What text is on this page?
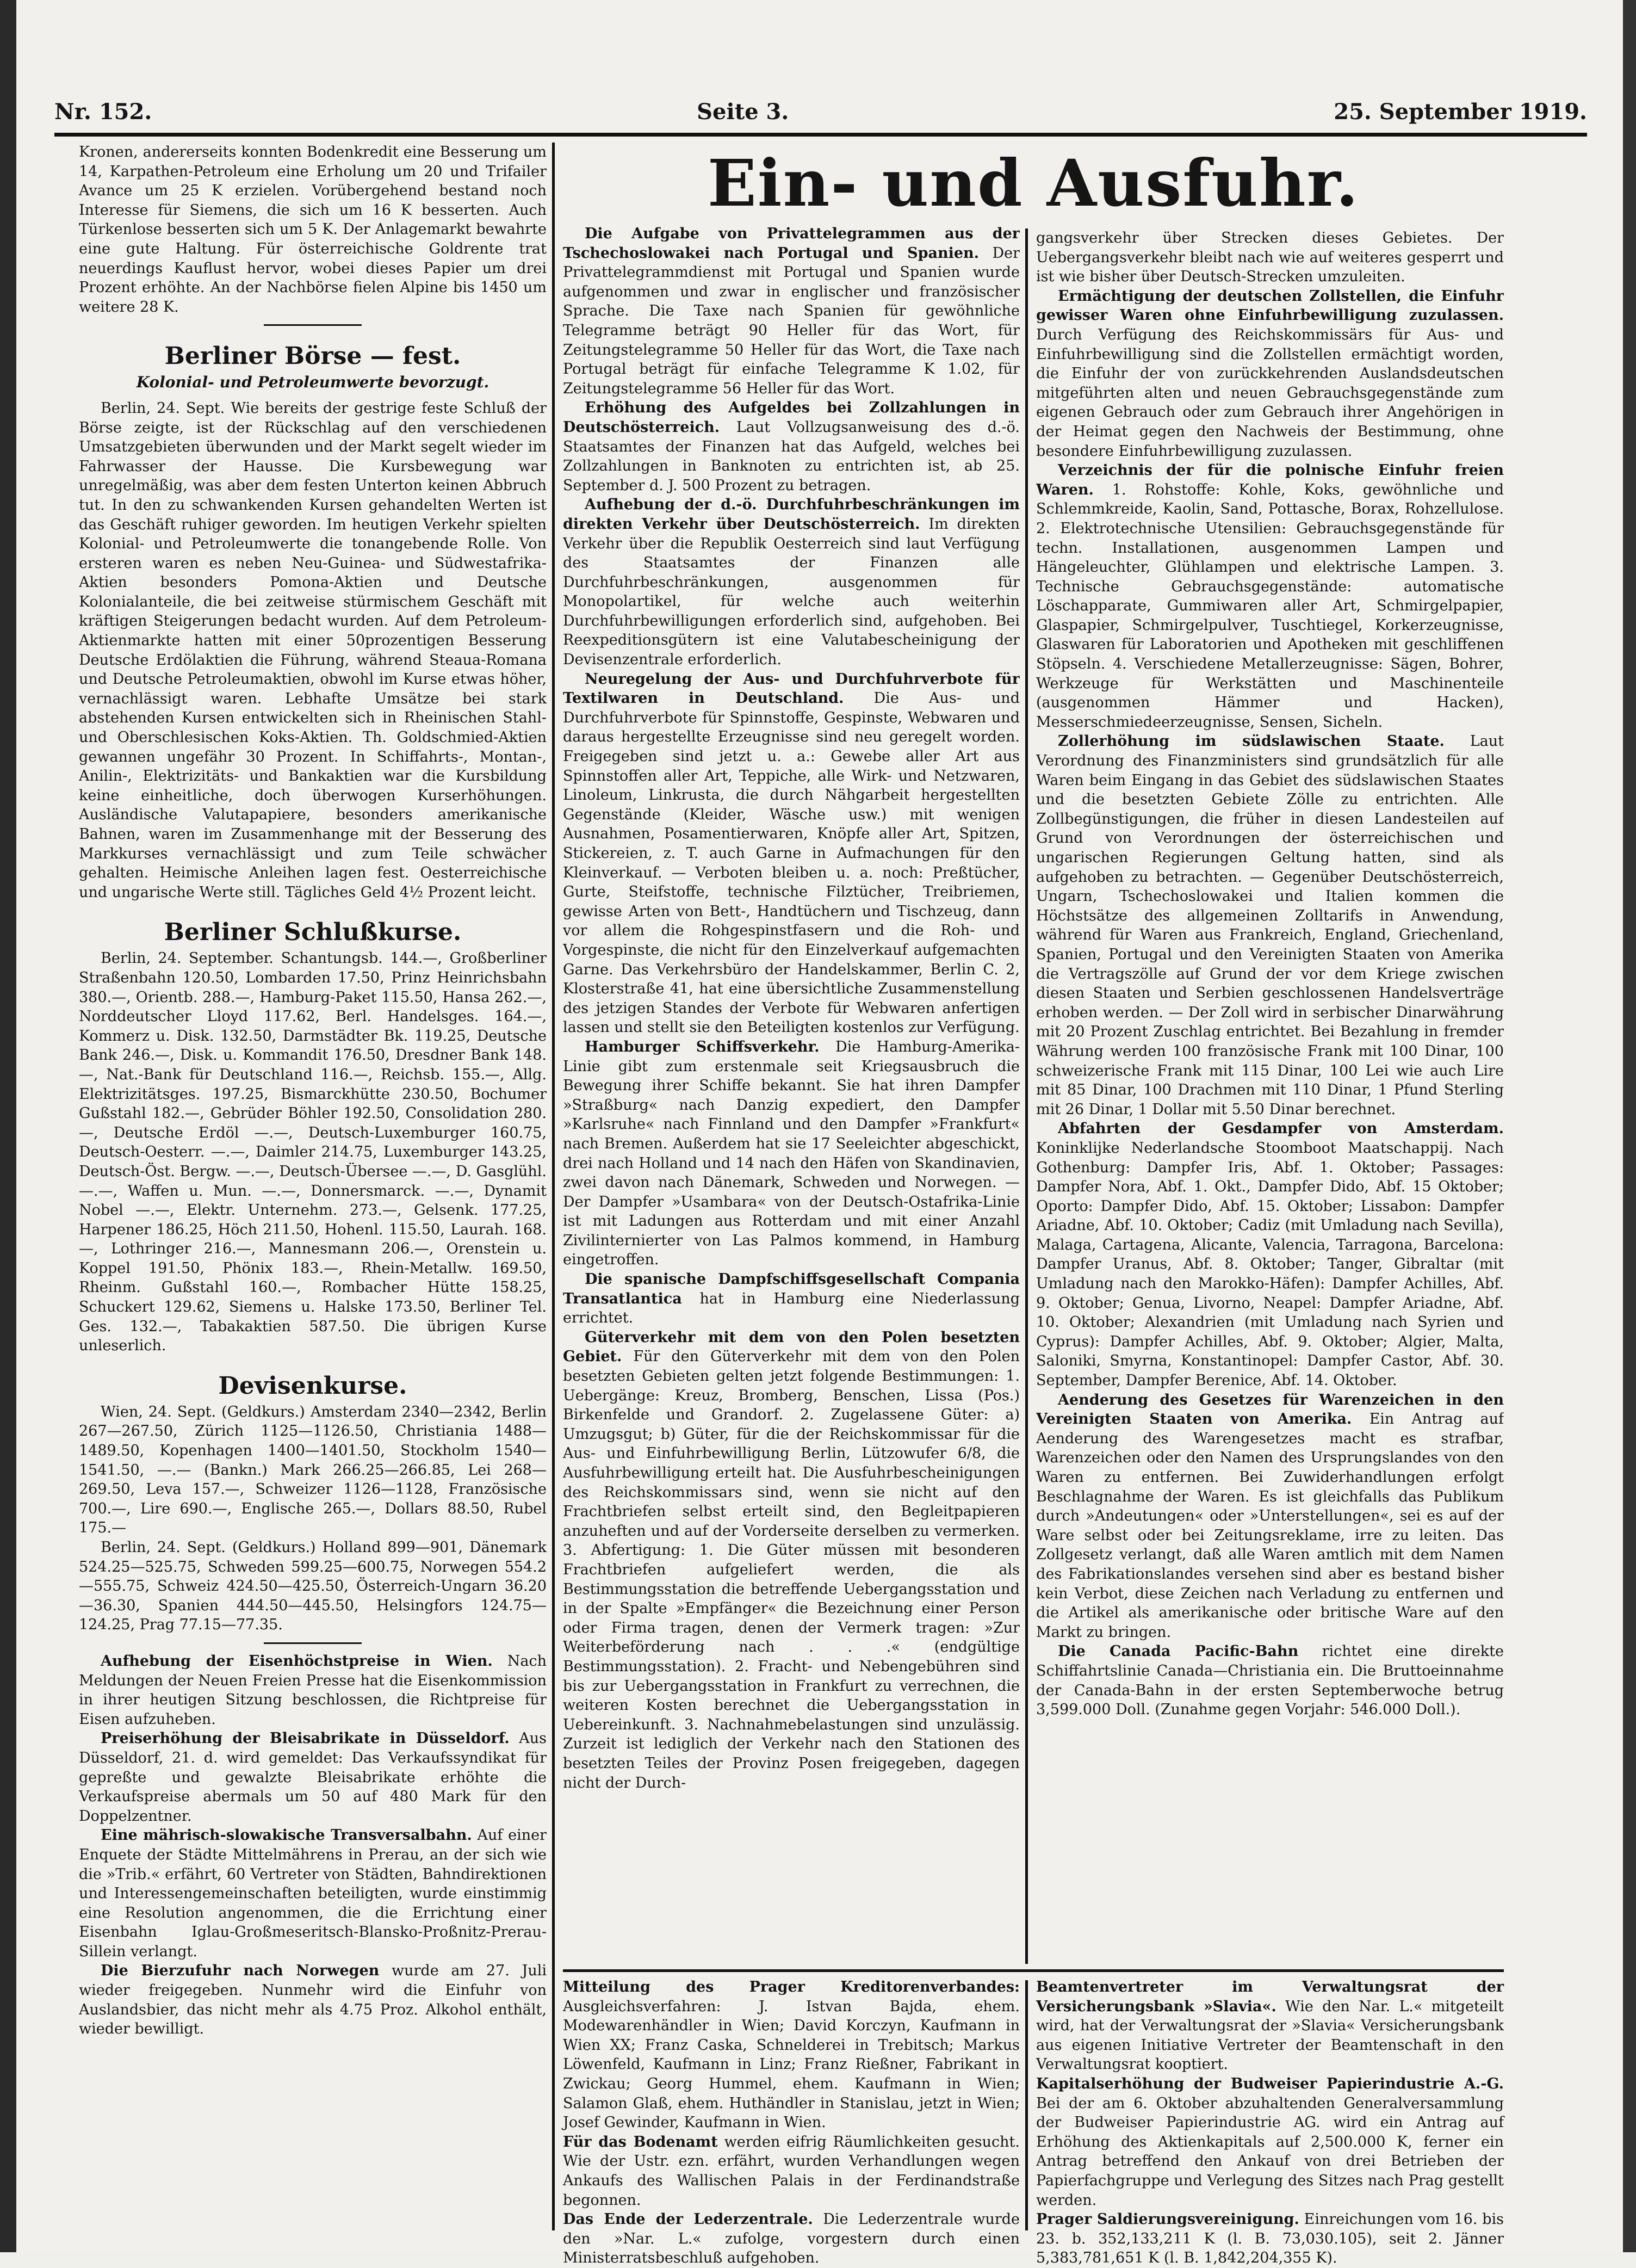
Nr. 152.	Seite 3.	25. September 1919.

Kronen, andererseits konnten Bodenkredit eine Besserung um 14, Karpathen-Petroleum eine Erholung um 20 und Trifailer Avance um 25 K erzielen. Vorübergehend bestand noch Interesse für Siemens, die sich um 16 K besserten. Auch Türkenlose besserten sich um 5 K. Der Anlagemarkt bewahrte eine gute Haltung. Für österreichische Goldrente trat neuerdings Kauflust hervor, wobei dieses Papier um drei Prozent erhöhte. An der Nachbörse fielen Alpine bis 1450 um weitere 28 K.

Berliner Börse — fest.
Kolonial- und Petroleumwerte bevorzugt.

Berlin, 24. Sept. Wie bereits der gestrige feste Schluß der Börse zeigte, ist der Rückschlag auf den verschiedenen Umsatzgebieten überwunden und der Markt segelt wieder im Fahrwasser der Hausse. Die Kursbewegung war unregelmäßig, was aber dem festen Unterton keinen Abbruch tut. In den zu schwankenden Kursen gehandelten Werten ist das Geschäft ruhiger geworden. Im heutigen Verkehr spielten Kolonial- und Petroleumwerte die tonangebende Rolle. Von ersteren waren es neben Neu-Guinea- und Südwestafrika-Aktien besonders Pomona-Aktien und Deutsche Kolonialanteile, die bei zeitweise stürmischem Geschäft mit kräftigen Steigerungen bedacht wurden. Auf dem Petroleum-Aktienmarkte hatten mit einer 50prozentigen Besserung Deutsche Erdölaktien die Führung, während Steaua-Romana und Deutsche Petroleumaktien, obwohl im Kurse etwas höher, vernachlässigt waren. Lebhafte Umsätze bei stark abstehenden Kursen entwickelten sich in Rheinischen Stahl- und Oberschlesischen Koks-Aktien. Th. Goldschmied-Aktien gewannen ungefähr 30 Prozent. In Schiffahrts-, Montan-, Anilin-, Elektrizitäts- und Bankaktien war die Kursbildung keine einheitliche, doch überwogen Kurserhöhungen. Ausländische Valutapapiere, besonders amerikanische Bahnen, waren im Zusammenhange mit der Besserung des Markkurses vernachlässigt und zum Teile schwächer gehalten. Heimische Anleihen lagen fest. Oesterreichische und ungarische Werte still. Tägliches Geld 4½ Prozent leicht.

Berliner Schlußkurse.

Berlin, 24. September. Schantungsb. 144.—, Großberliner Straßenbahn 120.50, Lombarden 17.50, Prinz Heinrichsbahn 380.—, Orientb. 288.—, Hamburg-Paket 115.50, Hansa 262.—, Norddeutscher Lloyd 117.62, Berl. Handelsges. 164.—, Kommerz u. Disk. 132.50, Darmstädter Bk. 119.25, Deutsche Bank 246.—, Disk. u. Kommandit 176.50, Dresdner Bank 148.—, Nat.-Bank für Deutschland 116.—, Reichsb. 155.—, Allg. Elektrizitätsges. 197.25, Bismarckhütte 230.50, Bochumer Gußstahl 182.—, Gebrüder Böhler 192.50, Consolidation 280.—, Deutsche Erdöl —.—, Deutsch-Luxemburger 160.75, Deutsch-Oesterr. —.—, Daimler 214.75, Luxemburger 143.25, Deutsch-Öst. Bergw. —.—, Deutsch-Überseе —.—, D. Gasglühl. —.—, Waffen u. Mun. —.—, Donnersmarck. —.—, Dynamit Nobel —.—, Elektr. Unternehm. 273.—, Gelsenk. 177.25, Harpener 186.25, Höch 211.50, Hohenl. 115.50, Laurah. 168.—, Lothringer 216.—, Mannesmann 206.—, Orenstein u. Koppel 191.50, Phönix 183.—, Rhein-Metallw. 169.50, Rheinm. Gußstahl 160.—, Rombacher Hütte 158.25, Schuckert 129.62, Siemens u. Halske 173.50, Berliner Tel. Ges. 132.—, Tabakaktien 587.50. Die übrigen Kurse unleserlich.

Devisenkurse.

Wien, 24. Sept. (Geldkurs.) Amsterdam 2340—2342, Berlin 267—267.50, Zürich 1125—1126.50, Christiania 1488—1489.50, Kopenhagen 1400—1401.50, Stockholm 1540—1541.50, —.— (Bankn.) Mark 266.25—266.85, Lei 268—269.50, Leva 157.—, Schweizer 1126—1128, Französische 700.—, Lire 690.—, Englische 265.—, Dollars 88.50, Rubel 175.—

Berlin, 24. Sept. (Geldkurs.) Holland 899—901, Dänemark 524.25—525.75, Schweden 599.25—600.75, Norwegen 554.2—555.75, Schweiz 424.50—425.50, Österreich-Ungarn 36.20—36.30, Spanien 444.50—445.50, Helsingfors 124.75—124.25, Prag 77.15—77.35.

Aufhebung der Eisenhöchstpreise in Wien. Nach Meldungen der Neuen Freien Presse hat die Eisenkommission in ihrer heutigen Sitzung beschlossen, die Richtpreise für Eisen aufzuheben.

Preiserhöhung der Bleisabrikate in Düsseldorf. Aus Düsseldorf, 21. d. wird gemeldet: Das Verkaufssyndikat für gepreßte und gewalzte Bleisabrikate erhöhte die Verkaufspreise abermals um 50 auf 480 Mark für den Doppelzentner.

Eine mährisch-slowakische Transversalbahn. Auf einer Enquete der Städte Mittelmährens in Prerau, an der sich wie die »Trib.« erfährt, 60 Vertreter von Städten, Bahndirektionen und Interessengemeinschaften beteiligten, wurde einstimmig eine Resolution angenommen, die die Errichtung einer Eisenbahn Iglau-Großmeseritsch-Blansko-Proßnitz-Prerau-Sillein verlangt.

Die Bierzufuhr nach Norwegen wurde am 27. Juli wieder freigegeben. Nunmehr wird die Einfuhr von Auslandsbier, das nicht mehr als 4.75 Proz. Alkohol enthält, wieder bewilligt.

Ein- und Ausfuhr.

Die Aufgabe von Privattelegrammen aus der Tschechoslowakei nach Portugal und Spanien. Der Privattelegrammdienst mit Portugal und Spanien wurde aufgenommen und zwar in englischer und französischer Sprache. Die Taxe nach Spanien für gewöhnliche Telegramme beträgt 90 Heller für das Wort, für Zeitungstelegramme 50 Heller für das Wort, die Taxe nach Portugal beträgt für einfache Telegramme K 1.02, für Zeitungstelegramme 56 Heller für das Wort.

Erhöhung des Aufgeldes bei Zollzahlungen in Deutschösterreich. Laut Vollzugsanweisung des d.-ö. Staatsamtes der Finanzen hat das Aufgeld, welches bei Zollzahlungen in Banknoten zu entrichten ist, ab 25. September d. J. 500 Prozent zu betragen.

Aufhebung der d.-ö. Durchfuhrbeschränkungen im direkten Verkehr über Deutschösterreich. Im direkten Verkehr über die Republik Oesterreich sind laut Verfügung des Staatsamtes der Finanzen alle Durchfuhrbeschränkungen, ausgenommen für Monopolartikel, für welche auch weiterhin Durchfuhrbewilligungen erforderlich sind, aufgehoben. Bei Reexpeditionsgütern ist eine Valutabescheinigung der Devisenzentrale erforderlich.

Neuregelung der Aus- und Durchfuhrverbote für Textilwaren in Deutschland. Die Aus- und Durchfuhrverbote für Spinnstoffe, Gespinste, Webwaren und daraus hergestellte Erzeugnisse sind neu geregelt worden. Freigegeben sind jetzt u. a.: Gewebe aller Art aus Spinnstoffen aller Art, Teppiche, alle Wirk- und Netzwaren, Linoleum, Linkrusta, die durch Nähgarbeit hergestellten Gegenstände (Kleider, Wäsche usw.) mit wenigen Ausnahmen, Posamentierwaren, Knöpfe aller Art, Spitzen, Stickereien, z. T. auch Garne in Aufmachungen für den Kleinverkauf. — Verboten bleiben u. a. noch: Preßtücher, Gurte, Steifstoffe, technische Filztücher, Treibriemen, gewisse Arten von Bett-, Handtüchern und Tischzeug, dann vor allem die Rohgespinstfasern und die Roh- und Vorgespinste, die nicht für den Einzelverkauf aufgemachten Garne. Das Verkehrsbüro der Handelskammer, Berlin C. 2, Klosterstraße 41, hat eine übersichtliche Zusammenstellung des jetzigen Standes der Verbote für Webwaren anfertigen lassen und stellt sie den Beteiligten kostenlos zur Verfügung.

Hamburger Schiffsverkehr. Die Hamburg-Amerika-Linie gibt zum erstenmale seit Kriegsausbruch die Bewegung ihrer Schiffe bekannt. Sie hat ihren Dampfer »Straßburg« nach Danzig expediert, den Dampfer »Karlsruhe« nach Finnland und den Dampfer »Frankfurt« nach Bremen. Außerdem hat sie 17 Seeleichter abgeschickt, drei nach Holland und 14 nach den Häfen von Skandinavien, zwei davon nach Dänemark, Schweden und Norwegen. — Der Dampfer »Usambara« von der Deutsch-Ostafrika-Linie ist mit Ladungen aus Rotterdam und mit einer Anzahl Zivilinternierter von Las Palmos kommend, in Hamburg eingetroffen.

Die spanische Dampfschiffsgesellschaft Compania Transatlantica hat in Hamburg eine Niederlassung errichtet.

Güterverkehr mit dem von den Polen besetzten Gebiet. Für den Güterverkehr mit dem von den Polen besetzten Gebieten gelten jetzt folgende Bestimmungen: 1. Uebergänge: Kreuz, Bromberg, Benschen, Lissa (Pos.) Birkenfelde und Grandorf. 2. Zugelassene Güter: a) Umzugsgut; b) Güter, für die der Reichskommissar für die Aus- und Einfuhrbewilligung Berlin, Lützowufer 6/8, die Ausfuhrbewilligung erteilt hat. Die Ausfuhrbescheinigungen des Reichskommissars sind, wenn sie nicht auf den Frachtbriefen selbst erteilt sind, den Begleitpapieren anzuheften und auf der Vorderseite derselben zu vermerken. 3. Abfertigung: 1. Die Güter müssen mit besonderen Frachtbriefen aufgeliefert werden, die als Bestimmungsstation die betreffende Uebergangsstation und in der Spalte »Empfänger« die Bezeichnung einer Person oder Firma tragen, denen der Vermerk tragen: »Zur Weiterbeförderung nach . . .« (endgültige Bestimmungsstation). 2. Fracht- und Nebengebühren sind bis zur Uebergangsstation in Frankfurt zu verrechnen, die weiteren Kosten berechnet die Uebergangsstation in Uebereinkunft. 3. Nachnahmebelastungen sind unzulässig. Zurzeit ist lediglich der Verkehr nach den Stationen des besetzten Teiles der Provinz Posen freigegeben, dagegen nicht der Durch-

gangsverkehr über Strecken dieses Gebietes. Der Uebergangsverkehr bleibt nach wie auf weiteres gesperrt und ist wie bisher über Deutsch-Strecken umzuleiten.

Ermächtigung der deutschen Zollstellen, die Einfuhr gewisser Waren ohne Einfuhrbewilligung zuzulassen. Durch Verfügung des Reichskommissärs für Aus- und Einfuhrbewilligung sind die Zollstellen ermächtigt worden, die Einfuhr der von zurückkehrenden Auslandsdeutschen mitgeführten alten und neuen Gebrauchsgegenstände zum eigenen Gebrauch oder zum Gebrauch ihrer Angehörigen in der Heimat gegen den Nachweis der Bestimmung, ohne besondere Einfuhrbewilligung zuzulassen.

Verzeichnis der für die polnische Einfuhr freien Waren. 1. Rohstoffe: Kohle, Koks, gewöhnliche und Schlemmkreide, Kaolin, Sand, Pottasche, Borax, Rohzellulose. 2. Elektrotechnische Utensilien: Gebrauchsgegenstände für techn. Installationen, ausgenommen Lampen und Hängeleuchter, Glühlampen und elektrische Lampen. 3. Technische Gebrauchsgegenstände: automatische Löschapparate, Gummiwaren aller Art, Schmirgelpapier, Glaspapier, Schmirgelpulver, Tuschtiegel, Korkerzeugnisse, Glaswaren für Laboratorien und Apotheken mit geschliffenen Stöpseln. 4. Verschiedene Metallerzeugnisse: Sägen, Bohrer, Werkzeuge für Werkstätten und Maschinenteile (ausgenommen Hämmer und Hacken), Messerschmiedeerzeugnisse, Sensen, Sicheln.

Zollerhöhung im südslawischen Staate. Laut Verordnung des Finanzministers sind grundsätzlich für alle Waren beim Eingang in das Gebiet des südslawischen Staates und die besetzten Gebiete Zölle zu entrichten. Alle Zollbegünstigungen, die früher in diesen Landesteilen auf Grund von Verordnungen der österreichischen und ungarischen Regierungen Geltung hatten, sind als aufgehoben zu betrachten. — Gegenüber Deutschösterreich, Ungarn, Tschechoslowakei und Italien kommen die Höchstsätze des allgemeinen Zolltarifs in Anwendung, während für Waren aus Frankreich, England, Griechenland, Spanien, Portugal und den Vereinigten Staaten von Amerika die Vertragszölle auf Grund der vor dem Kriege zwischen diesen Staaten und Serbien geschlossenen Handelsverträge erhoben werden. — Der Zoll wird in serbischer Dinarwährung mit 20 Prozent Zuschlag entrichtet. Bei Bezahlung in fremder Währung werden 100 französische Frank mit 100 Dinar, 100 schweizerische Frank mit 115 Dinar, 100 Lei wie auch Lire mit 85 Dinar, 100 Drachmen mit 110 Dinar, 1 Pfund Sterling mit 26 Dinar, 1 Dollar mit 5.50 Dinar berechnet.

Abfahrten der Gesdampfer von Amsterdam. Koninklijke Nederlandsche Stoomboot Maatschappij. Nach Gothenburg: Dampfer Iris, Abf. 1. Oktober; Passages: Dampfer Nora, Abf. 1. Okt., Dampfer Dido, Abf. 15 Oktober; Oporto: Dampfer Dido, Abf. 15. Oktober; Lissabon: Dampfer Ariadne, Abf. 10. Oktober; Cadiz (mit Umladung nach Sevilla), Malaga, Cartagena, Alicante, Valencia, Tarragona, Barcelona: Dampfer Uranus, Abf. 8. Oktober; Tanger, Gibraltar (mit Umladung nach den Marokko-Häfen): Dampfer Achilles, Abf. 9. Oktober; Genua, Livorno, Neapel: Dampfer Ariadne, Abf. 10. Oktober; Alexandrien (mit Umladung nach Syrien und Cyprus): Dampfer Achilles, Abf. 9. Oktober; Algier, Malta, Saloniki, Smyrna, Konstantinopel: Dampfer Castor, Abf. 30. September, Dampfer Berenice, Abf. 14. Oktober.

Aenderung des Gesetzes für Warenzeichen in den Vereinigten Staaten von Amerika. Ein Antrag auf Aenderung des Warengesetzes macht es strafbar, Warenzeichen oder den Namen des Ursprungslandes von den Waren zu entfernen. Bei Zuwiderhandlungen erfolgt Beschlagnahme der Waren. Es ist gleichfalls das Publikum durch »Andeutungen« oder »Unterstellungen«, sei es auf der Ware selbst oder bei Zeitungsreklame, irre zu leiten. Das Zollgesetz verlangt, daß alle Waren amtlich mit dem Namen des Fabrikationslandes versehen sind aber es bestand bisher kein Verbot, diese Zeichen nach Verladung zu entfernen und die Artikel als amerikanische oder britische Ware auf den Markt zu bringen.

Die Canada Pacific-Bahn richtet eine direkte Schiffahrtslinie Canada—Christiania ein. Die Bruttoeinnahme der Canada-Bahn in der ersten Septemberwoche betrug 3,599.000 Doll. (Zunahme gegen Vorjahr: 546.000 Doll.).

Mitteilung des Prager Kreditorenverbandes: Ausgleichsverfahren: J. Istvan Bajda, ehem. Modewarenhändler in Wien; David Korczyn, Kaufmann in Wien XX; Franz Caska, Schnelderei in Trebitsch; Markus Löwenfeld, Kaufmann in Linz; Franz Rießner, Fabrikant in Zwickau; Georg Hummel, ehem. Kaufmann in Wien; Salamon Glaß, ehem. Huthändler in Stanislau, jetzt in Wien; Josef Gewinder, Kaufmann in Wien.

Für das Bodenamt werden eifrig Räumlichkeiten gesucht. Wie der Ustr. ezn. erfährt, wurden Verhandlungen wegen Ankaufs des Wallischen Palais in der Ferdinandstraße begonnen.

Das Ende der Lederzentrale. Die Lederzentrale wurde den »Nar. L.« zufolge, vorgestern durch einen Ministerratsbeschluß aufgehoben.

Beamtenvertreter im Verwaltungsrat der Versicherungsbank »Slavia«. Wie den Nar. L.« mitgeteilt wird, hat der Verwaltungsrat der »Slavia« Versicherungsbank aus eigenen Initiative Vertreter der Beamtenschaft in den Verwaltungsrat kooptiert.

Kapitalserhöhung der Budweiser Papierindustrie A.-G. Bei der am 6. Oktober abzuhaltenden Generalversammlung der Budweiser Papierindustrie AG. wird ein Antrag auf Erhöhung des Aktienkapitals auf 2,500.000 K, ferner ein Antrag betreffend den Ankauf von drei Betrieben der Papierfachgruppe und Verlegung des Sitzes nach Prag gestellt werden.

Prager Saldierungsvereinigung. Einreichungen vom 16. bis 23. b. 352,133,211 K (l. B. 73,030.105), seit 2. Jänner 5,383,781,651 K (l. B. 1,842,204,355 K).
